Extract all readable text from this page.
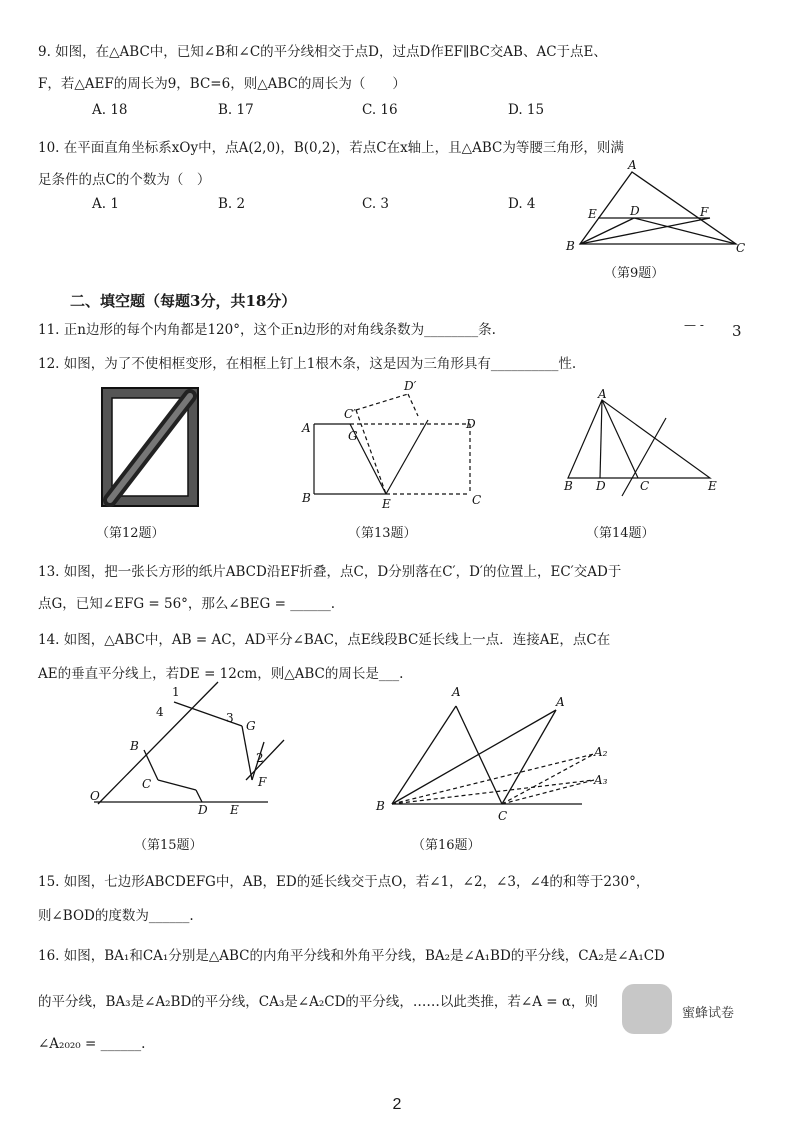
9. 如图，在△ABC中，已知∠B和∠C的平分线相交于点D，过点D作EF∥BC交AB、AC于点E、
F，若△AEF的周长为9，BC=6，则△ABC的周长为（　　）
A. 18	B. 17	C. 16	D. 15
10. 在平面直角坐标系xOy中，点A(2,0)，B(0,2)，若点C在x轴上，且△ABC为等腰三角形，则满
足条件的点C的个数为（　）
A. 1	B. 2	C. 3	D. 4
A
E	D	F
B	C
（第9题）
二、填空题（每题3分，共18分）
11. 正n边形的每个内角都是120°，这个正n边形的对角线条数为________条.	— - 3
12. 如图，为了不使相框变形，在相框上钉上1根木条，这是因为三角形具有__________性.
（第12题）
D′
C′
A
G
D
B	E	C
（第13题）
A
B D	C	E
（第14题）
13. 如图，把一张长方形的纸片ABCD沿EF折叠，点C，D分别落在C′，D′的位置上，EC′交AD于
点G，已知∠EFG = 56°，那么∠BEG = ______.
14. 如图，△ABC中，AB = AC，AD平分∠BAC，点E线段BC延长线上一点．连接AE，点C在
AE的垂直平分线上，若DE = 12cm，则△ABC的周长是___.
1
4	3
G
B
2
C	F
O
D E
（第15题）
A
A
A₂
A₃
B
C
（第16题）
15. 如图，七边形ABCDEFG中，AB，ED的延长线交于点O，若∠1，∠2，∠3，∠4的和等于230°，
则∠BOD的度数为______.
16. 如图，BA₁和CA₁分别是△ABC的内角平分线和外角平分线，BA₂是∠A₁BD的平分线，CA₂是∠A₁CD
的平分线，BA₃是∠A₂BD的平分线，CA₃是∠A₂CD的平分线，……以此类推，若∠A = α，则
∠A₂₀₂₀ = ______.
蜜蜂试卷
2
